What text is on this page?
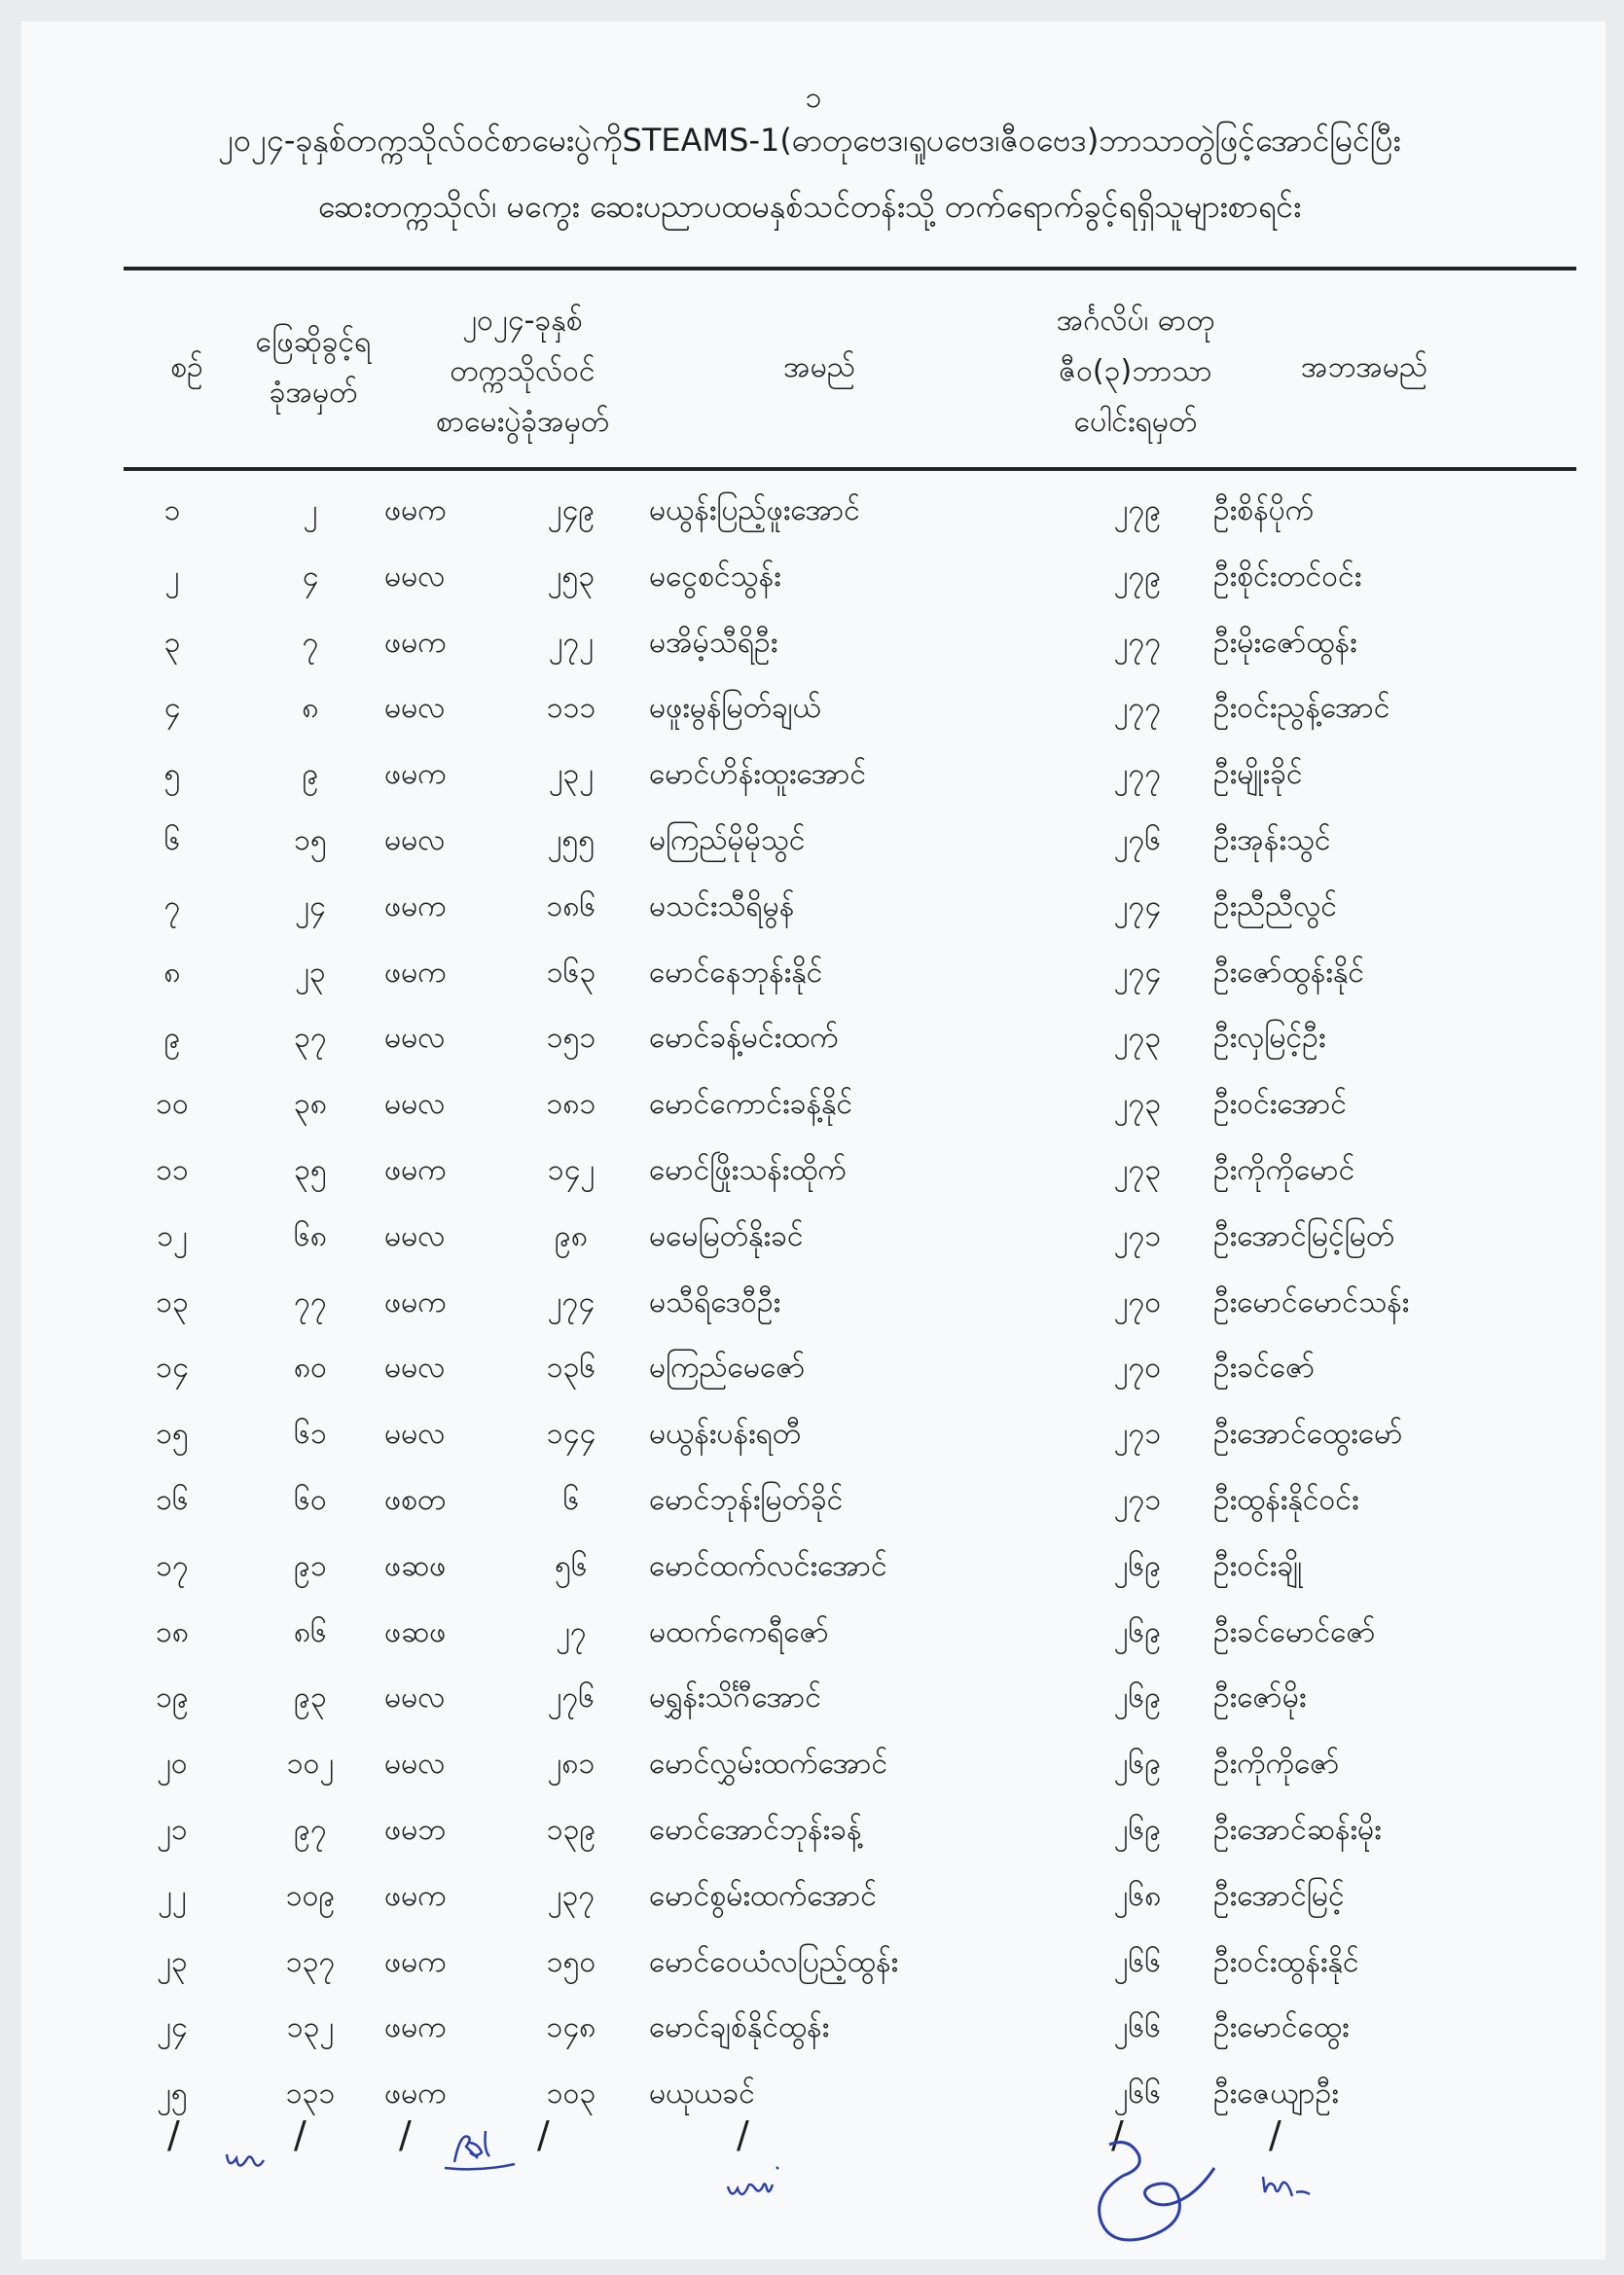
၁
၂၀၂၄-ခုနှစ်တက္ကသိုလ်ဝင်စာမေးပွဲကိုSTEAMS-1(ဓာတုဗေဒ၊ရူပဗေဒ၊ဇီဝဗေဒ)ဘာသာတွဲဖြင့်အောင်မြင်ပြီး
ဆေးတက္ကသိုလ်၊ မကွေး ဆေးပညာပထမနှစ်သင်တန်းသို့ တက်ရောက်ခွင့်ရရှိသူများစာရင်း
စဉ်
ဖြေဆိုခွင့်ရ
ခုံအမှတ်
၂၀၂၄-ခုနှစ်
တက္ကသိုလ်ဝင်
စာမေးပွဲခုံအမှတ်
အမည်
အင်္ဂလိပ်၊ ဓာတု
ဇီဝ(၃)ဘာသာ
ပေါင်းရမှတ်
အဘအမည်
၁	၂	ဖမက	၂၄၉	မယွန်းပြည့်ဖူးအောင်	၂၇၉	ဦးစိန်ပိုက်
၂	၄	မမလ	၂၅၃	မငွေစင်သွန်း	၂၇၉	ဦးစိုင်းတင်ဝင်း
၃	၇	ဖမက	၂၇၂	မအိမ့်သီရိဦး	၂၇၇	ဦးမိုးဇော်ထွန်း
၄	၈	မမလ	၁၁၁	မဖူးမွန်မြတ်ချယ်	၂၇၇	ဦးဝင်းညွန့်အောင်
၅	၉	ဖမက	၂၃၂	မောင်ဟိန်းထူးအောင်	၂၇၇	ဦးမျိုးခိုင်
၆	၁၅	မမလ	၂၅၅	မကြည်မိုမိုသွင်	၂၇၆	ဦးအုန်းသွင်
၇	၂၄	ဖမက	၁၈၆	မသင်းသီရိမွန်	၂၇၄	ဦးညီညီလွင်
၈	၂၃	ဖမက	၁၆၃	မောင်နေဘုန်းနိုင်	၂၇၄	ဦးဇော်ထွန်းနိုင်
၉	၃၇	မမလ	၁၅၁	မောင်ခန့်မင်းထက်	၂၇၃	ဦးလှမြင့်ဦး
၁၀	၃၈	မမလ	၁၈၁	မောင်ကောင်းခန့်နိုင်	၂၇၃	ဦးဝင်းအောင်
၁၁	၃၅	ဖမက	၁၄၂	မောင်ဖြိုးသန်းထိုက်	၂၇၃	ဦးကိုကိုမောင်
၁၂	၆၈	မမလ	၉၈	မမေမြတ်နိုးခင်	၂၇၁	ဦးအောင်မြင့်မြတ်
၁၃	၇၇	ဖမက	၂၇၄	မသီရိဒေဝီဦး	၂၇၀	ဦးမောင်မောင်သန်း
၁၄	၈၀	မမလ	၁၃၆	မကြည်မေဇော်	၂၇၀	ဦးခင်ဇော်
၁၅	၆၁	မမလ	၁၄၄	မယွန်းပန်းရတီ	၂၇၁	ဦးအောင်ထွေးမော်
၁၆	၆၀	ဖစတ	၆	မောင်ဘုန်းမြတ်ခိုင်	၂၇၁	ဦးထွန်းနိုင်ဝင်း
၁၇	၉၁	ဖဆဖ	၅၆	မောင်ထက်လင်းအောင်	၂၆၉	ဦးဝင်းချို
၁၈	၈၆	ဖဆဖ	၂၇	မထက်ကေရီဇော်	၂၆၉	ဦးခင်မောင်ဇော်
၁၉	၉၃	မမလ	၂၇၆	မရွှန်းသိင်္ဂီအောင်	၂၆၉	ဦးဇော်မိုး
၂၀	၁၀၂	မမလ	၂၈၁	မောင်လွှမ်းထက်အောင်	၂၆၉	ဦးကိုကိုဇော်
၂၁	၉၇	ဖမဘ	၁၃၉	မောင်အောင်ဘုန်းခန့်	၂၆၉	ဦးအောင်ဆန်းမိုး
၂၂	၁၀၉	ဖမက	၂၃၇	မောင်စွမ်းထက်အောင်	၂၆၈	ဦးအောင်မြင့်
၂၃	၁၃၇	ဖမက	၁၅၀	မောင်ဝေယံလပြည့်ထွန်း	၂၆၆	ဦးဝင်းထွန်းနိုင်
၂၄	၁၃၂	ဖမက	၁၄၈	မောင်ချစ်နိုင်ထွန်း	၂၆၆	ဦးမောင်ထွေး
၂၅	၁၃၁	ဖမက	၁၀၃	မယုယခင်	၂၆၆	ဦးဇေယျာဦး
/	/	/	/	/	/	/
